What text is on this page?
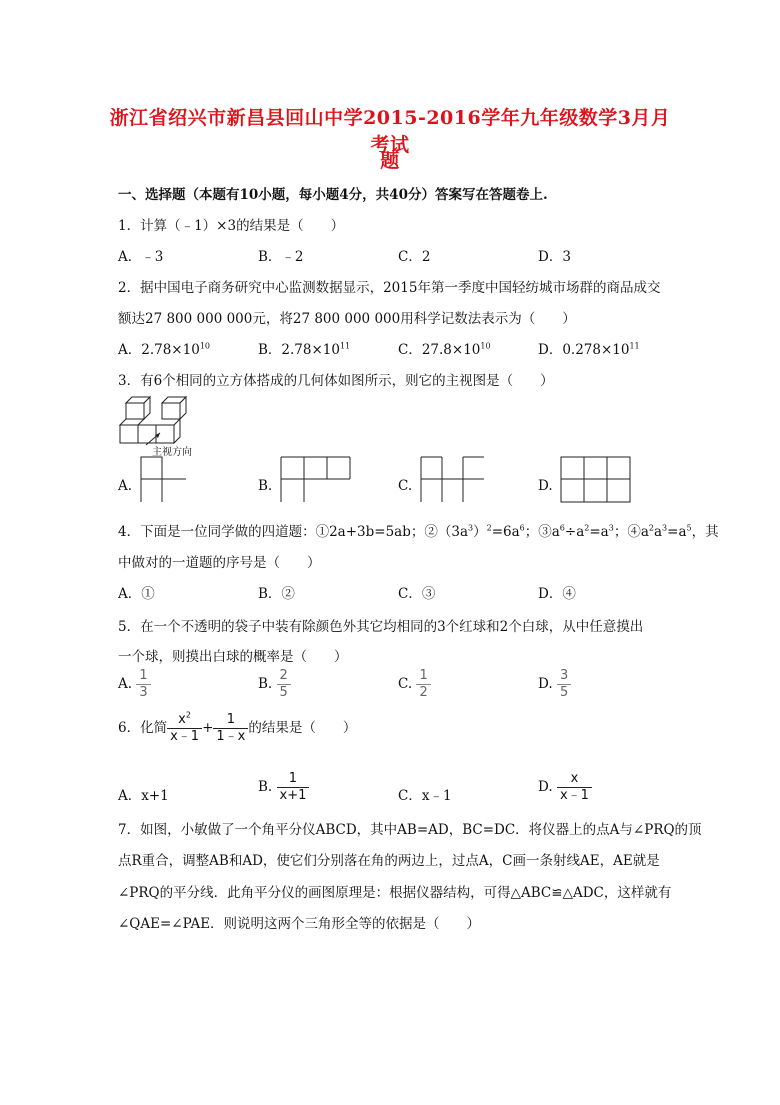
浙江省绍兴市新昌县回山中学2015-2016学年九年级数学3月月考试
题
一、选择题（本题有10小题，每小题4分，共40分）答案写在答题卷上.
1．计算（﹣1）×3的结果是（　　）
A．﹣3	B．﹣2	C．2	D．3
2．据中国电子商务研究中心监测数据显示，2015年第一季度中国轻纺城市场群的商品成交
额达27 800 000 000元，将27 800 000 000用科学记数法表示为（　　）
A．$2.78\times 10^{10}$	B．$2.78\times 10^{11}$	C．$27.8\times 10^{10}$	D．$0.278\times 10^{11}$
3．有6个相同的立方体搭成的几何体如图所示，则它的主视图是（　　）
主视方向
A.	B.	C.	D.
4．下面是一位同学做的四道题：①2a+3b=5ab；$②(3a^3)^2=6a^6$；$③a^6\div a^2=a^3$；$④a^2a^3=a^5$，其
中做对的一道题的序号是（　　）
A．①	B．②	C．③	D．④
5．在一个不透明的袋子中装有除颜色外其它均相同的3个红球和2个白球，从中任意摸出
一个球，则摸出白球的概率是（　　）
A. $\frac{1}{3}$	B. $\frac{2}{5}$	C. $\frac{1}{2}$	D. $\frac{3}{5}$
6．化简 $\frac{x^2}{x﹣1} + \frac{1}{1﹣x}$ 的结果是（　　）
A．x+1
B. $\frac{1}{x+1}$	C．x﹣1
D. $\frac{x}{x﹣1}$
7．如图，小敏做了一个角平分仪ABCD，其中AB=AD，BC=DC．将仪器上的点A与∠PRQ的顶
点R重合，调整AB和AD，使它们分别落在角的两边上，过点A，C画一条射线AE，AE就是
∠PRQ的平分线．此角平分仪的画图原理是：根据仪器结构，可得△ABC≌△ADC，这样就有
∠QAE=∠PAE．则说明这两个三角形全等的依据是（　　）
